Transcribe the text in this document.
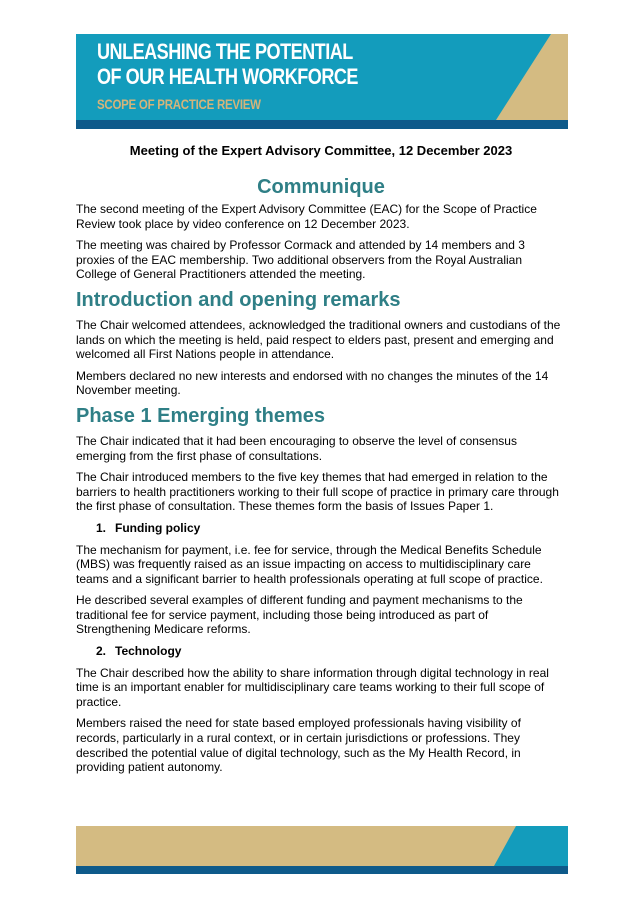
UNLEASHING THE POTENTIAL
OF OUR HEALTH WORKFORCE
SCOPE OF PRACTICE REVIEW
Meeting of the Expert Advisory Committee, 12 December 2023
Communique

The second meeting of the Expert Advisory Committee (EAC) for the Scope of Practice Review took place by video conference on 12 December 2023.

The meeting was chaired by Professor Cormack and attended by 14 members and 3 proxies of the EAC membership. Two additional observers from the Royal Australian College of General Practitioners attended the meeting.

Introduction and opening remarks

The Chair welcomed attendees, acknowledged the traditional owners and custodians of the lands on which the meeting is held, paid respect to elders past, present and emerging and welcomed all First Nations people in attendance.

Members declared no new interests and endorsed with no changes the minutes of the 14 November meeting.

Phase 1 Emerging themes

The Chair indicated that it had been encouraging to observe the level of consensus emerging from the first phase of consultations.

The Chair introduced members to the five key themes that had emerged in relation to the barriers to health practitioners working to their full scope of practice in primary care through the first phase of consultation. These themes form the basis of Issues Paper 1.

1. Funding policy

The mechanism for payment, i.e. fee for service, through the Medical Benefits Schedule (MBS) was frequently raised as an issue impacting on access to multidisciplinary care teams and a significant barrier to health professionals operating at full scope of practice.

He described several examples of different funding and payment mechanisms to the traditional fee for service payment, including those being introduced as part of Strengthening Medicare reforms.

2. Technology

The Chair described how the ability to share information through digital technology in real time is an important enabler for multidisciplinary care teams working to their full scope of practice.

Members raised the need for state based employed professionals having visibility of records, particularly in a rural context, or in certain jurisdictions or professions. They described the potential value of digital technology, such as the My Health Record, in providing patient autonomy.
